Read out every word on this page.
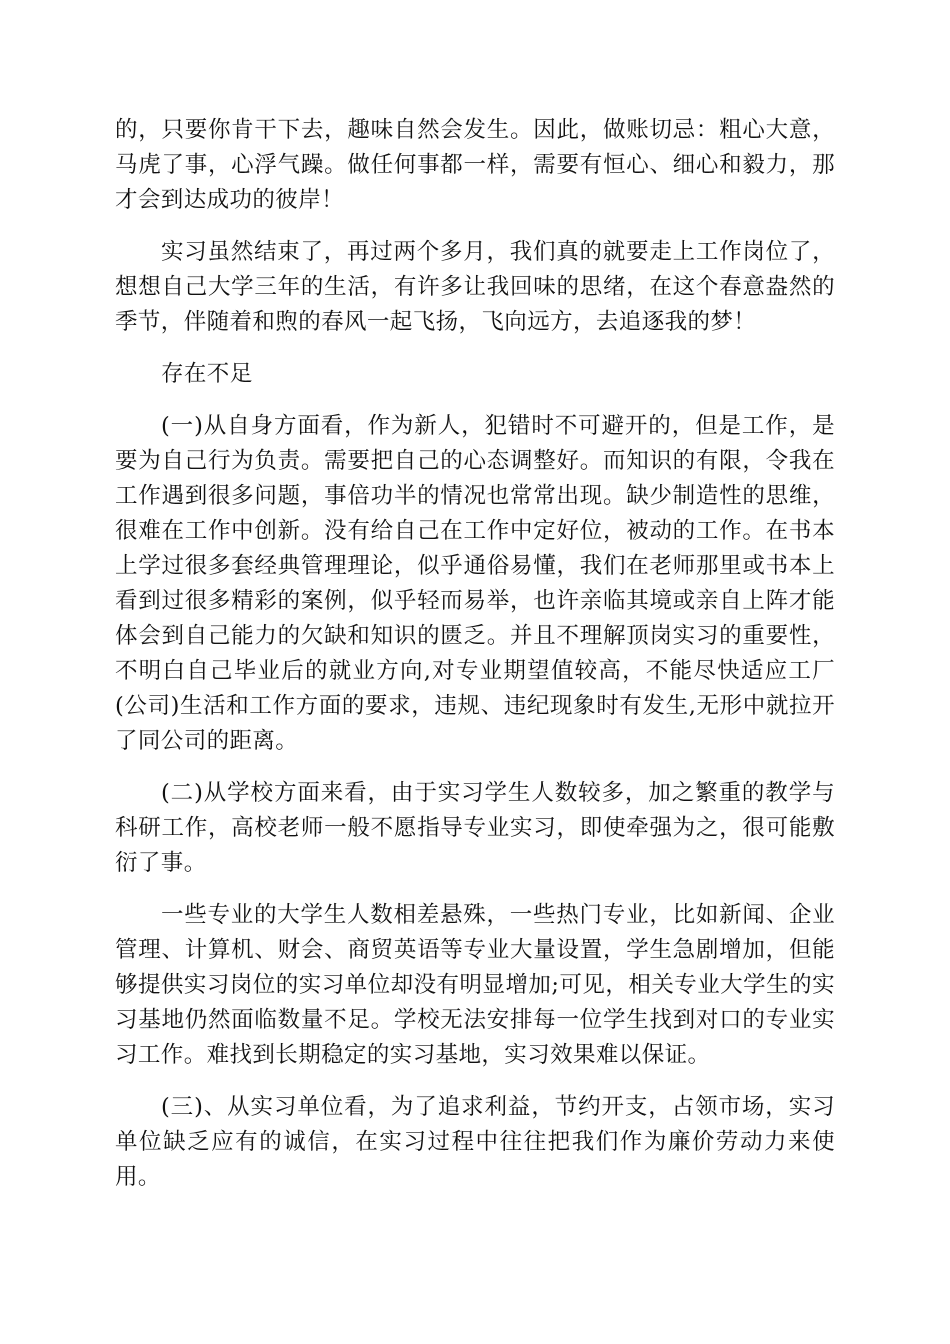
的，只要你肯干下去，趣味自然会发生。因此，做账切忌：粗心大意，马虎了事，心浮气躁。做任何事都一样，需要有恒心、细心和毅力，那才会到达成功的彼岸！

实习虽然结束了，再过两个多月，我们真的就要走上工作岗位了，想想自己大学三年的生活，有许多让我回味的思绪，在这个春意盎然的季节，伴随着和煦的春风一起飞扬，飞向远方，去追逐我的梦！

存在不足

(一)从自身方面看，作为新人，犯错时不可避开的，但是工作，是要为自己行为负责。需要把自己的心态调整好。而知识的有限，令我在工作遇到很多问题，事倍功半的情况也常常出现。缺少制造性的思维，很难在工作中创新。没有给自己在工作中定好位，被动的工作。在书本上学过很多套经典管理理论，似乎通俗易懂，我们在老师那里或书本上看到过很多精彩的案例，似乎轻而易举，也许亲临其境或亲自上阵才能体会到自己能力的欠缺和知识的匮乏。并且不理解顶岗实习的重要性，不明白自己毕业后的就业方向,对专业期望值较高，不能尽快适应工厂(公司)生活和工作方面的要求，违规、违纪现象时有发生,无形中就拉开了同公司的距离。

(二)从学校方面来看，由于实习学生人数较多，加之繁重的教学与科研工作，高校老师一般不愿指导专业实习，即使牵强为之，很可能敷衍了事。

一些专业的大学生人数相差悬殊，一些热门专业，比如新闻、企业管理、计算机、财会、商贸英语等专业大量设置，学生急剧增加，但能够提供实习岗位的实习单位却没有明显增加;可见，相关专业大学生的实习基地仍然面临数量不足。学校无法安排每一位学生找到对口的专业实习工作。难找到长期稳定的实习基地，实习效果难以保证。

(三)、从实习单位看，为了追求利益，节约开支，占领市场，实习单位缺乏应有的诚信，在实习过程中往往把我们作为廉价劳动力来使用。
